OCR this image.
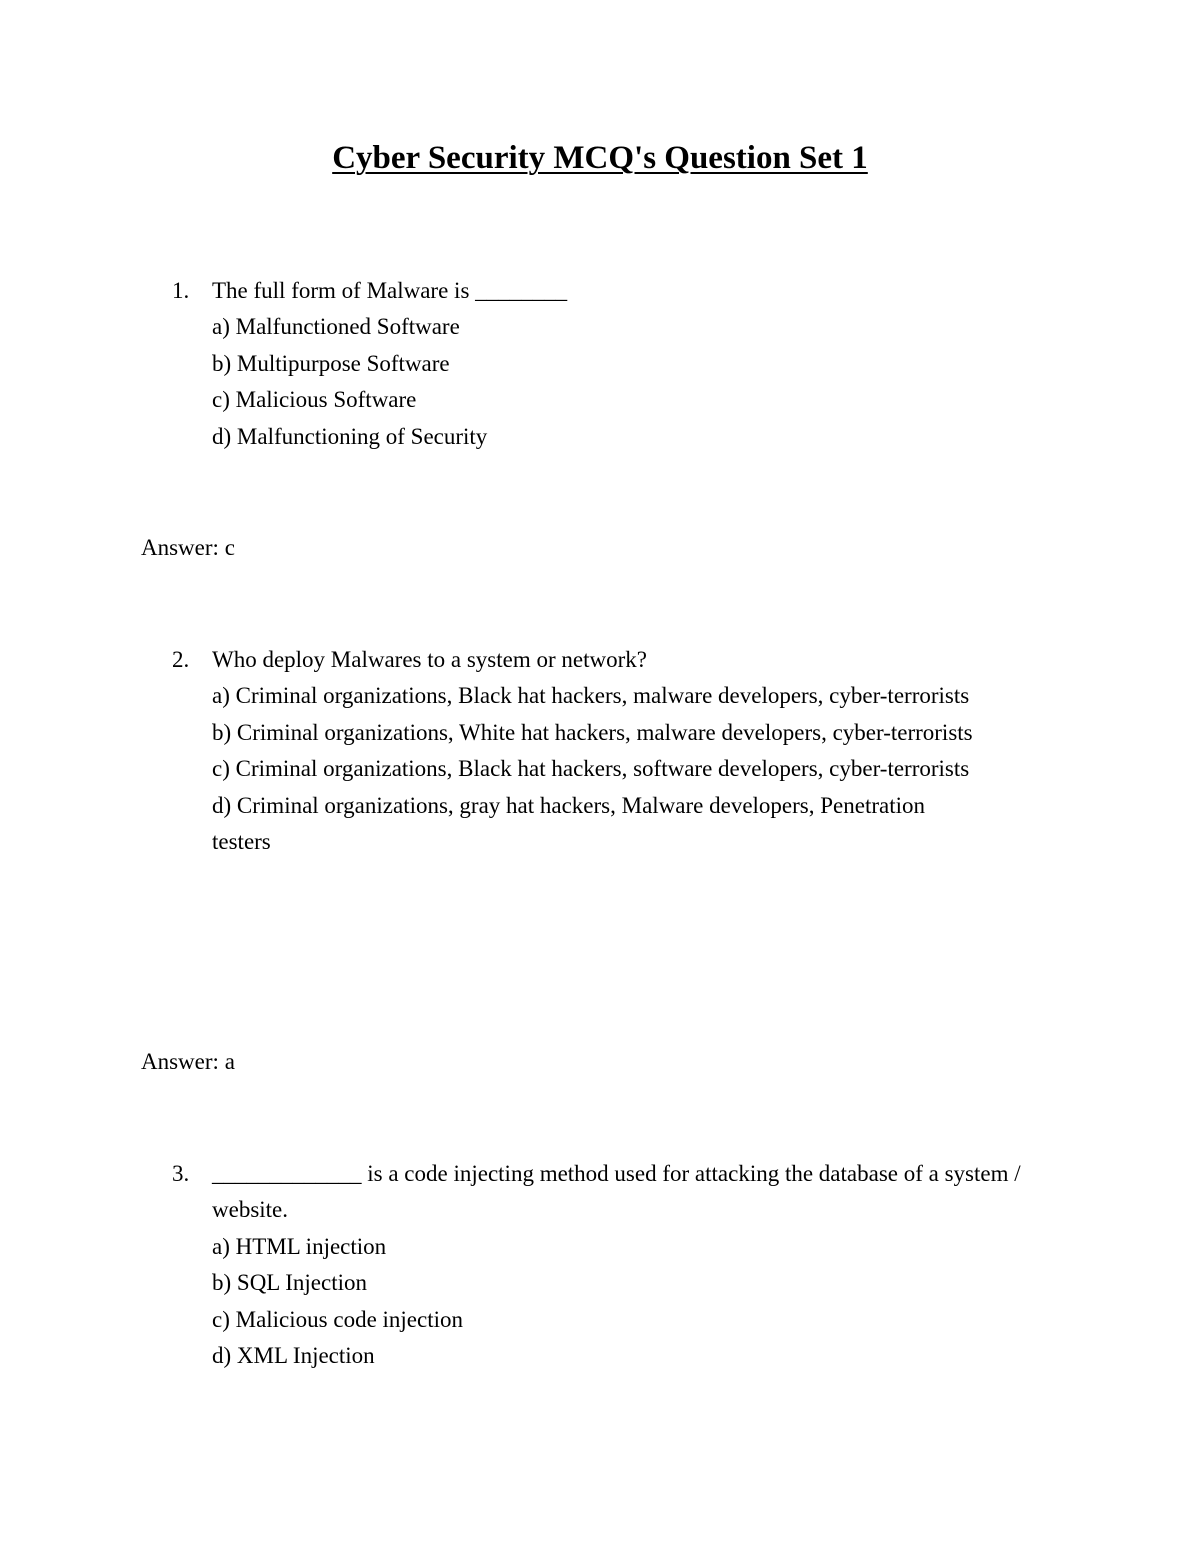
Cyber Security MCQ's Question Set 1
1. The full form of Malware is ________
a) Malfunctioned Software
b) Multipurpose Software
c) Malicious Software
d) Malfunctioning of Security
Answer: c
2. Who deploy Malwares to a system or network?
a) Criminal organizations, Black hat hackers, malware developers, cyber-terrorists
b) Criminal organizations, White hat hackers, malware developers, cyber-terrorists
c) Criminal organizations, Black hat hackers, software developers, cyber-terrorists
d) Criminal organizations, gray hat hackers, Malware developers, Penetration testers
Answer: a
3. _____________ is a code injecting method used for attacking the database of a system / website.
a) HTML injection
b) SQL Injection
c) Malicious code injection
d) XML Injection
